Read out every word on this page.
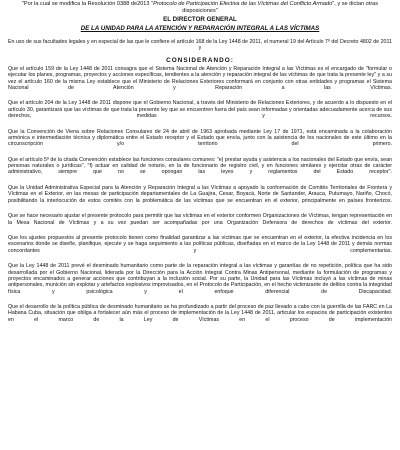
"Por la cual se modifica la Resolución 0388 de2013 "Protocolo de Participación Efectiva de las Víctimas del Conflicto Armado", y se dictan otras disposiciones"

EL DIRECTOR GENERAL

DE LA UNIDAD PARA LA ATENCIÓN Y REPARACIÓN INTEGRAL A LAS VÍCTIMAS

En uso de sus facultades legales y en especial de las que le confiere el artículo 168 de la Ley 1448 de 2011, el numeral 19 del Artículo 7º del Decreto 4802 de 2011 y

CONSIDERANDO:

Que el artículo 159 de la Ley 1448 de 2011 consagra que el Sistema Nacional de Atención y Reparación Integral a las Víctimas es el encargado de "formular o ejecutar los planes, programas, proyectos y acciones específicas, tendientes a la atención y reparación integral de las víctimas de que trata la presente ley" y a su vez el artículo 160 de la misma Ley establece que el Ministerio de Relaciones Exteriores conformará en conjunto con otras entidades y programas el Sistema Nacional de Atención y Reparación a las Víctimas.

Que el artículo 204 de la Ley 1448 de 2011 dispone que el Gobierno Nacional, a través del Ministerio de Relaciones Exteriores, y de acuerdo a lo dispuesto en el artículo 30, garantizará que las víctimas de que trata la presente ley que se encuentren fuera del país sean informadas y orientadas adecuadamente acerca de sus derechos, medidas y recursos.

Que la Convención de Viena sobre Relaciones Consulares de 24 de abril de 1963 aprobada mediante Ley 17 de 1971, está encaminada a la colaboración armónica e intermediación técnica y diplomática entre el Estado receptor y el Estado que envía, junto con la asistencia de los nacionales de este último en la circunscripción y/o territorio del primero.

Que el artículo 5º de la citada Convención establece las funciones consulares comunes: "e) prestar ayuda y asistencia a los nacionales del Estado que envía, sean personas naturales o jurídicas", "f) actuar en calidad de notario, en la de funcionario de registro civil, y en funciones similares y ejercitar otras de carácter administrativo, siempre que no se opongan las leyes y reglamentos del Estado receptor".

Que la Unidad Administrativa Especial para la Atención y Reparación Integral a las Víctimas a apoyado la conformación de Comités Territoriales de Frontera y Víctimas en el Exterior, en las mesas de participación departamentales de La Guajira, Cesar, Boyacá, Norte de Santander, Arauca, Putumayo, Nariño, Chocó, posibilitando la interlocución de estos comités con la problemática de las víctimas que se encuentran en el exterior, principalmente en países fronterizos.

Que se hace necesario ajustar el presente protocolo para permitir que las víctimas en el exterior conformen Organizaciones de Víctimas, tengan representación en la Mesa Nacional de Víctimas y a su vez puedan ser acompañadas por una Organización Defensora de derechos de víctimas del exterior.

Que los ajustes propuestos al presente protocolo tienen como finalidad garantizar a las víctimas que se encuentran en el exterior, la efectiva incidencia en los escenarios donde se diseñe, planifique, ejecute y se haga seguimiento a las políticas públicas, diseñadas en el marco de la Ley 1448 de 2011 y demás normas concordantes y complementarias.

Que la Ley 1448 de 2011 prevé el desminado humanitario como parte de la reparación integral a las víctimas y garantías de no repetición, política que ha sido desarrollada por el Gobierno Nacional, liderada por la Dirección para la Acción Integral Contra Minas Antipersonal, mediante la formulación de programas y proyectos encaminados a generar acciones que contribuyan a la inclusión social. Por su parte, la Unidad para las Víctimas incluyó a las víctimas de minas antipersonales, munición sin explotar y artefactos explosivos improvisados, en el Protocolo de Participación, en el hecho victimizante de delitos contra la integridad física y psicológica y el enfoque diferencial de Discapacidad.

Que el desarrollo de la política pública de desminado humanitario se ha profundizado a partir del proceso de paz llevado a cabo con la guerrilla de las FARC en La Habana Cuba, situación que obliga a fortalecer aún más el proceso de implementación de la Ley 1448 de 2011, articular los espacios de participación existentes en el marco de la Ley de Víctimas en el proceso de implementación
